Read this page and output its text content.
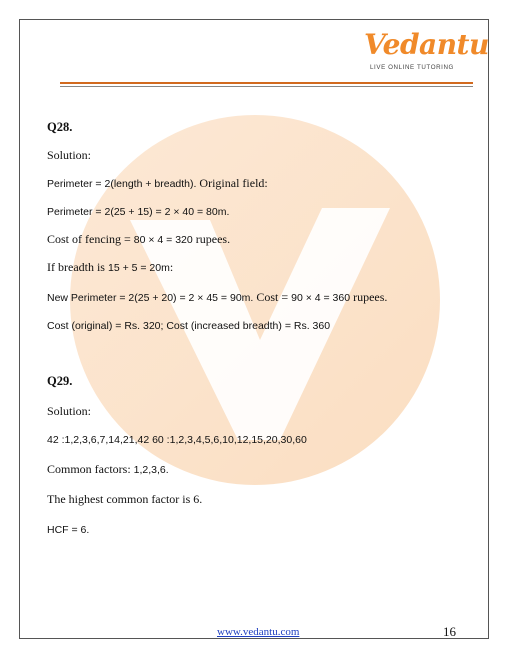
Vedantu
LIVE ONLINE TUTORING
Q28.
Solution:
Perimeter = 2(length + breadth). Original field:
Perimeter = 2(25 + 15) = 2 × 40 = 80m.
Cost of fencing = 80 × 4 = 320 rupees.
If breadth is 15 + 5 = 20m:
New Perimeter = 2(25 + 20) = 2 × 45 = 90m. Cost = 90 × 4 = 360 rupees.
Cost (original) = Rs. 320; Cost (increased breadth) = Rs. 360
Q29.
Solution:
42 :1,2,3,6,7,14,21,42 60 :1,2,3,4,5,6,10,12,15,20,30,60
Common factors: 1,2,3,6.
The highest common factor is 6.
HCF = 6.
www.vedantu.com	16
